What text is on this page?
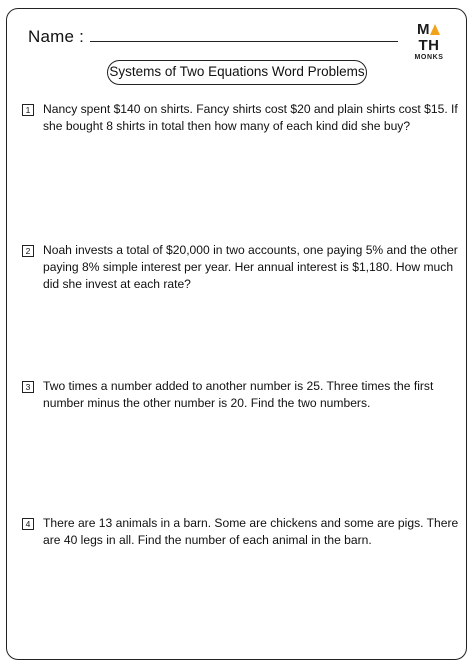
Name :	MTH
MONKS
Systems of Two Equations Word Problems
1	Nancy spent $140 on shirts. Fancy shirts cost $20 and plain shirts cost $15. If she bought 8 shirts in total then how many of each kind did she buy?
2	Noah invests a total of $20,000 in two accounts, one paying 5% and the other paying 8% simple interest per year. Her annual interest is $1,180. How much did she invest at each rate?
3	Two times a number added to another number is 25. Three times the first number minus the other number is 20. Find the two numbers.
4	There are 13 animals in a barn. Some are chickens and some are pigs. There are 40 legs in all. Find the number of each animal in the barn.
